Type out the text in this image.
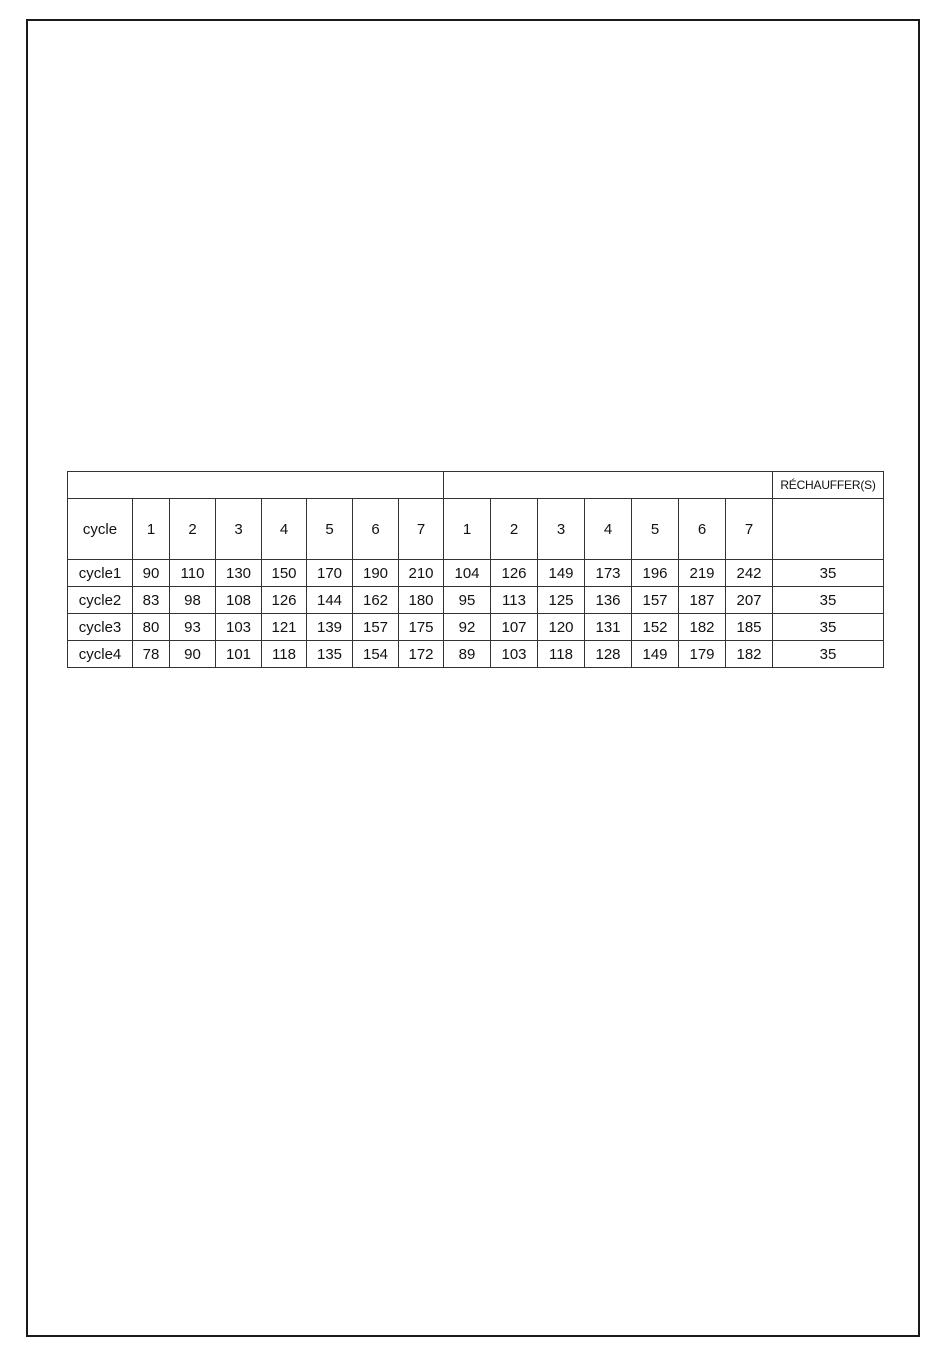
															RÉCHAUFFER(S)
cycle	1	2	3	4	5	6	7	1	2	3	4	5	6	7	
cycle1	90	110	130	150	170	190	210	104	126	149	173	196	219	242	35
cycle2	83	98	108	126	144	162	180	95	113	125	136	157	187	207	35
cycle3	80	93	103	121	139	157	175	92	107	120	131	152	182	185	35
cycle4	78	90	101	118	135	154	172	89	103	118	128	149	179	182	35
